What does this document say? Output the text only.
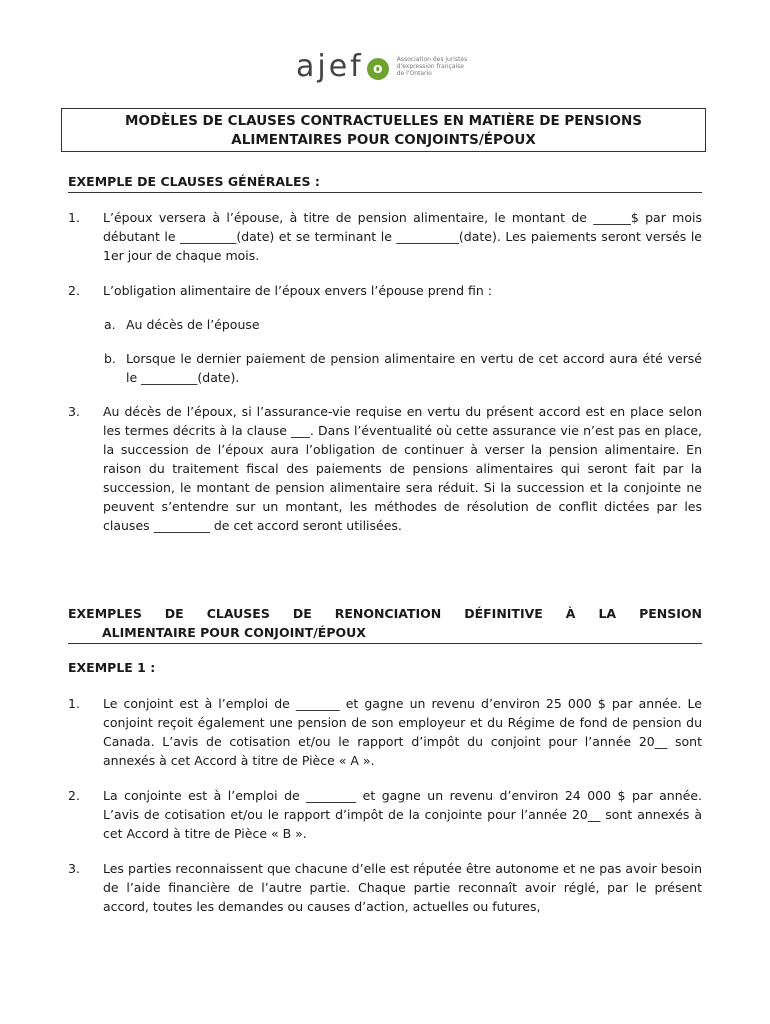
ajef o
Association des juristes
d'expression française
de l'Ontario
MODÈLES DE CLAUSES CONTRACTUELLES EN MATIÈRE DE PENSIONS
ALIMENTAIRES POUR CONJOINTS/ÉPOUX
EXEMPLE DE CLAUSES GÉNÉRALES :
1. L’époux versera à l’épouse, à titre de pension alimentaire, le montant de ______$ par mois débutant le _________(date) et se terminant le __________(date). Les paiements seront versés le 1er jour de chaque mois.
2. L’obligation alimentaire de l’époux envers l’épouse prend fin :
a. Au décès de l’épouse
b. Lorsque le dernier paiement de pension alimentaire en vertu de cet accord aura été versé le _________(date).
3. Au décès de l’époux, si l’assurance-vie requise en vertu du présent accord est en place selon les termes décrits à la clause ___. Dans l’éventualité où cette assurance vie n’est pas en place, la succession de l’époux aura l’obligation de continuer à verser la pension alimentaire. En raison du traitement fiscal des paiements de pensions alimentaires qui seront fait par la succession, le montant de pension alimentaire sera réduit. Si la succession et la conjointe ne peuvent s’entendre sur un montant, les méthodes de résolution de conflit dictées par les clauses _________ de cet accord seront utilisées.
EXEMPLES DE CLAUSES DE RENONCIATION DÉFINITIVE À LA PENSION
ALIMENTAIRE POUR CONJOINT/ÉPOUX
EXEMPLE 1 :
1. Le conjoint est à l’emploi de _______ et gagne un revenu d’environ 25 000 $ par année. Le conjoint reçoit également une pension de son employeur et du Régime de fond de pension du Canada. L’avis de cotisation et/ou le rapport d’impôt du conjoint pour l’année 20__ sont annexés à cet Accord à titre de Pièce « A ».
2. La conjointe est à l’emploi de ________ et gagne un revenu d’environ 24 000 $ par année. L’avis de cotisation et/ou le rapport d’impôt de la conjointe pour l’année 20__ sont annexés à cet Accord à titre de Pièce « B ».
3. Les parties reconnaissent que chacune d’elle est réputée être autonome et ne pas avoir besoin de l’aide financière de l’autre partie. Chaque partie reconnaît avoir réglé, par le présent accord, toutes les demandes ou causes d’action, actuelles ou futures,
